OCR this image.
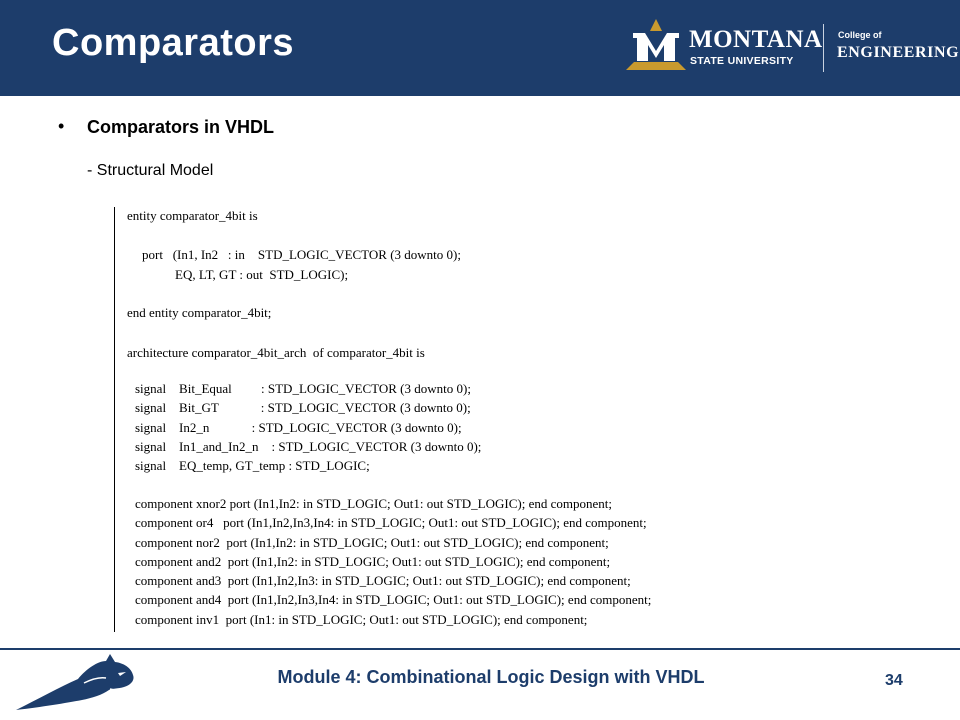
Comparators	MONTANA
STATE UNIVERSITY
College of
ENGINEERING
• Comparators in VHDL
- Structural Model
entity comparator_4bit is
port   (In1, In2   : in    STD_LOGIC_VECTOR (3 downto 0);
EQ, LT, GT : out  STD_LOGIC);
end entity comparator_4bit;
architecture comparator_4bit_arch  of comparator_4bit is
signal    Bit_Equal         : STD_LOGIC_VECTOR (3 downto 0);
signal    Bit_GT             : STD_LOGIC_VECTOR (3 downto 0);
signal    In2_n             : STD_LOGIC_VECTOR (3 downto 0);
signal    In1_and_In2_n    : STD_LOGIC_VECTOR (3 downto 0);
signal    EQ_temp, GT_temp : STD_LOGIC;
component xnor2 port (In1,In2: in STD_LOGIC; Out1: out STD_LOGIC); end component;
component or4   port (In1,In2,In3,In4: in STD_LOGIC; Out1: out STD_LOGIC); end component;
component nor2  port (In1,In2: in STD_LOGIC; Out1: out STD_LOGIC); end component;
component and2  port (In1,In2: in STD_LOGIC; Out1: out STD_LOGIC); end component;
component and3  port (In1,In2,In3: in STD_LOGIC; Out1: out STD_LOGIC); end component;
component and4  port (In1,In2,In3,In4: in STD_LOGIC; Out1: out STD_LOGIC); end component;
component inv1  port (In1: in STD_LOGIC; Out1: out STD_LOGIC); end component;
Module 4: Combinational Logic Design with VHDL	34
